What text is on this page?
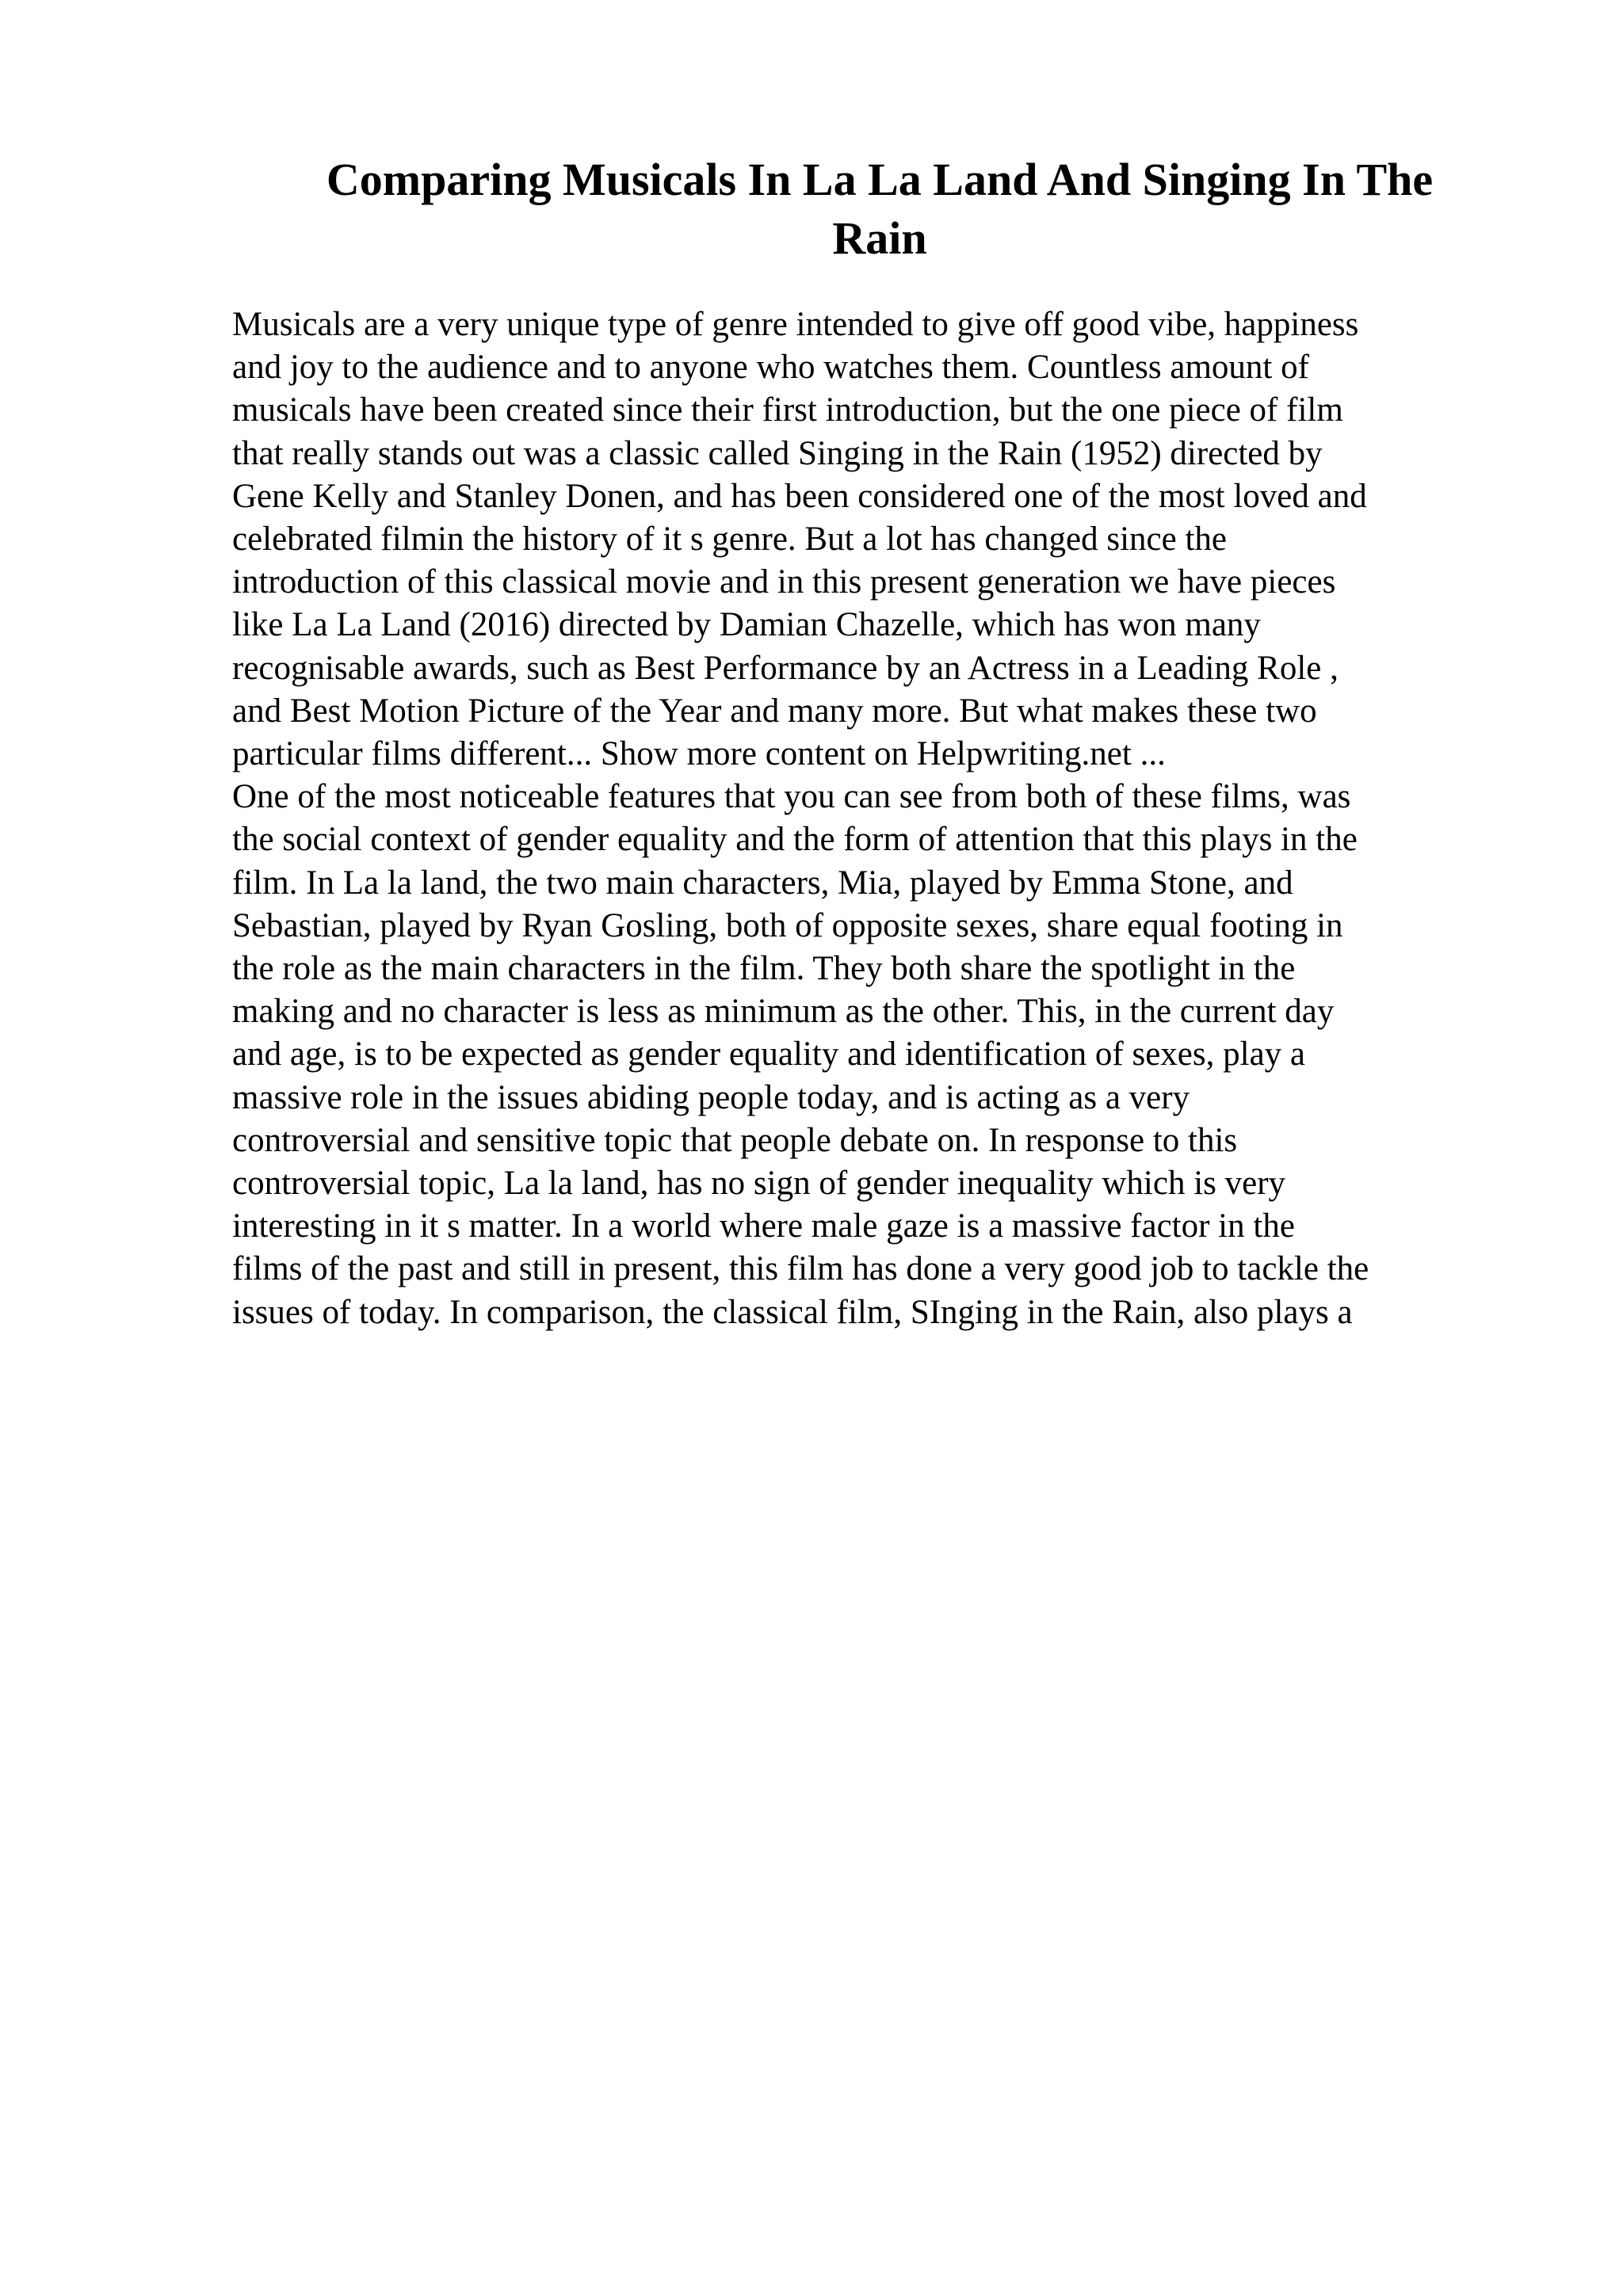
Comparing Musicals In La La Land And Singing In The
Rain
Musicals are a very unique type of genre intended to give off good vibe, happiness
and joy to the audience and to anyone who watches them. Countless amount of
musicals have been created since their first introduction, but the one piece of film
that really stands out was a classic called Singing in the Rain (1952) directed by
Gene Kelly and Stanley Donen, and has been considered one of the most loved and
celebrated filmin the history of it s genre. But a lot has changed since the
introduction of this classical movie and in this present generation we have pieces
like La La Land (2016) directed by Damian Chazelle, which has won many
recognisable awards, such as Best Performance by an Actress in a Leading Role ,
and Best Motion Picture of the Year and many more. But what makes these two
particular films different... Show more content on Helpwriting.net ...
One of the most noticeable features that you can see from both of these films, was
the social context of gender equality and the form of attention that this plays in the
film. In La la land, the two main characters, Mia, played by Emma Stone, and
Sebastian, played by Ryan Gosling, both of opposite sexes, share equal footing in
the role as the main characters in the film. They both share the spotlight in the
making and no character is less as minimum as the other. This, in the current day
and age, is to be expected as gender equality and identification of sexes, play a
massive role in the issues abiding people today, and is acting as a very
controversial and sensitive topic that people debate on. In response to this
controversial topic, La la land, has no sign of gender inequality which is very
interesting in it s matter. In a world where male gaze is a massive factor in the
films of the past and still in present, this film has done a very good job to tackle the
issues of today. In comparison, the classical film, SInging in the Rain, also plays a
